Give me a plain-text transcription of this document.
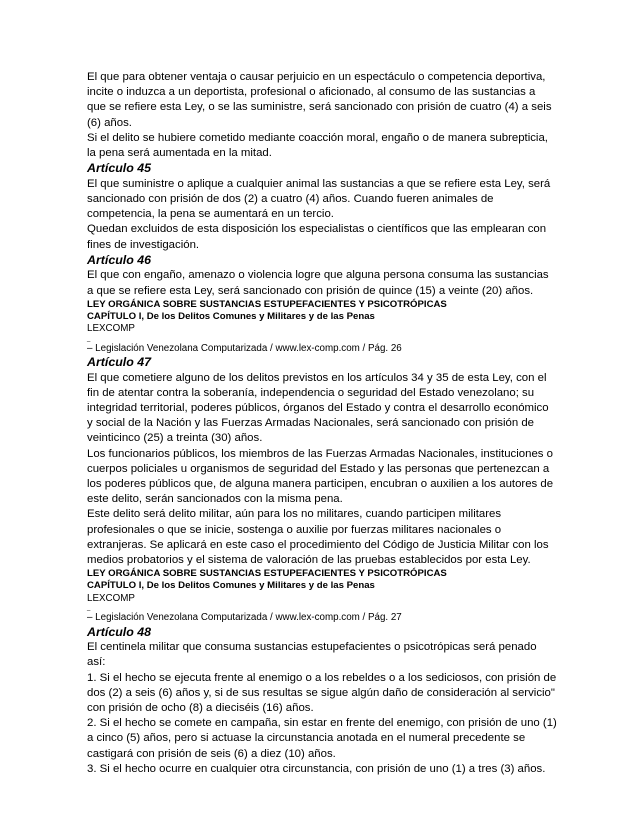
El que para obtener ventaja o causar perjuicio en un espectáculo o competencia deportiva, incite o induzca a un deportista, profesional o aficionado, al consumo de las sustancias a que se refiere esta Ley, o se las suministre, será sancionado con prisión de cuatro (4) a seis (6) años.

Si el delito se hubiere cometido mediante coacción moral, engaño o de manera subrepticia, la pena será aumentada en la mitad.

Artículo 45

El que suministre o aplique a cualquier animal las sustancias a que se refiere esta Ley, será sancionado con prisión de dos (2) a cuatro (4) años. Cuando fueren animales de competencia, la pena se aumentará en un tercio.

Quedan excluidos de esta disposición los especialistas o científicos que las emplearan con fines de investigación.

Artículo 46

El que con engaño, amenazo o violencia logre que alguna persona consuma las sustancias a que se refiere esta Ley, será sancionado con prisión de quince (15) a veinte (20) años.

LEY ORGÁNICA SOBRE SUSTANCIAS ESTUPEFACIENTES Y PSICOTRÓPICAS

CAPÍTULO I, De los Delitos Comunes y Militares y de las Penas

LEXCOMP

_

– Legislación Venezolana Computarizada / www.lex-comp.com / Pág. 26

Artículo 47

El que cometiere alguno de los delitos previstos en los artículos 34 y 35 de esta Ley, con el fin de atentar contra la soberanía, independencia o seguridad del Estado venezolano; su integridad territorial, poderes públicos, órganos del Estado y contra el desarrollo económico y social de la Nación y las Fuerzas Armadas Nacionales, será sancionado con prisión de veinticinco (25) a treinta (30) años.

Los funcionarios públicos, los miembros de las Fuerzas Armadas Nacionales, instituciones o cuerpos policiales u organismos de seguridad del Estado y las personas que pertenezcan a los poderes públicos que, de alguna manera participen, encubran o auxilien a los autores de este delito, serán sancionados con la misma pena.

Este delito será delito militar, aún para los no militares, cuando participen militares profesionales o que se inicie, sostenga o auxilie por fuerzas militares nacionales o extranjeras. Se aplicará en este caso el procedimiento del Código de Justicia Militar con los medios probatorios y el sistema de valoración de las pruebas establecidos por esta Ley.

LEY ORGÁNICA SOBRE SUSTANCIAS ESTUPEFACIENTES Y PSICOTRÓPICAS

CAPÍTULO I, De los Delitos Comunes y Militares y de las Penas

LEXCOMP

_

– Legislación Venezolana Computarizada / www.lex-comp.com / Pág. 27

Artículo 48

El centinela militar que consuma sustancias estupefacientes o psicotrópicas será penado así:

1. Si el hecho se ejecuta frente al enemigo o a los rebeldes o a los sediciosos, con prisión de dos (2) a seis (6) años y, si de sus resultas se sigue algún daño de consideración al servicio" con prisión de ocho (8) a dieciséis (16) años.

2. Si el hecho se comete en campaña, sin estar en frente del enemigo, con prisión de uno (1) a cinco (5) años, pero si actuase la circunstancia anotada en el numeral precedente se castigará con prisión de seis (6) a diez (10) años.

3. Si el hecho ocurre en cualquier otra circunstancia, con prisión de uno (1) a tres (3) años.
